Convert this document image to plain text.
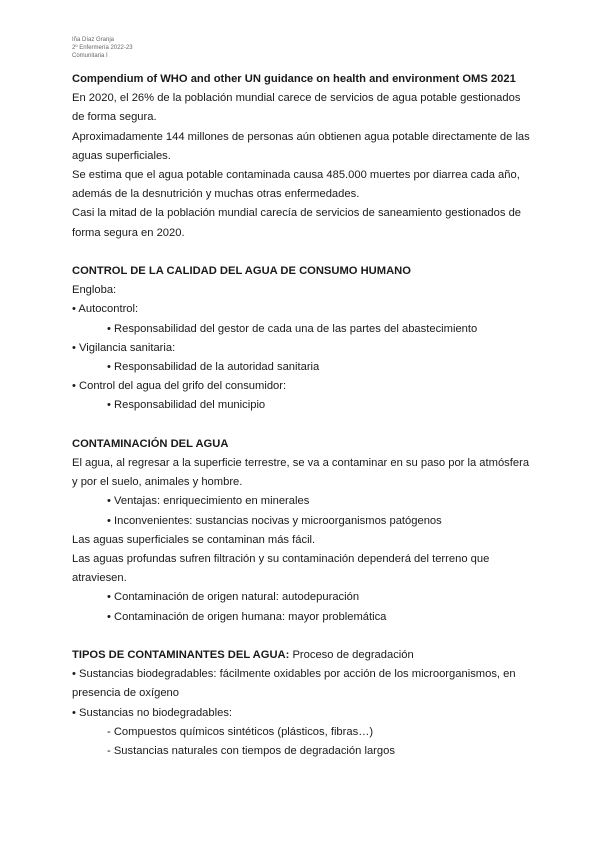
Iña Díaz Granja
2º Enfermería 2022-23
Comunitaria I

Compendium of WHO and other UN guidance on health and environment OMS 2021

En 2020, el 26% de la población mundial carece de servicios de agua potable gestionados

de forma segura.

Aproximadamente 144 millones de personas aún obtienen agua potable directamente de las

aguas superficiales.

Se estima que el agua potable contaminada causa 485.000 muertes por diarrea cada año,

además de la desnutrición y muchas otras enfermedades.

Casi la mitad de la población mundial carecía de servicios de saneamiento gestionados de

forma segura en 2020.

CONTROL DE LA CALIDAD DEL AGUA DE CONSUMO HUMANO

Engloba:

• Autocontrol:

• Responsabilidad del gestor de cada una de las partes del abastecimiento

• Vigilancia sanitaria:

• Responsabilidad de la autoridad sanitaria

• Control del agua del grifo del consumidor:

• Responsabilidad del municipio

CONTAMINACIÓN DEL AGUA

El agua, al regresar a la superficie terrestre, se va a contaminar en su paso por la atmósfera

y por el suelo, animales y hombre.

• Ventajas: enriquecimiento en minerales

• Inconvenientes: sustancias nocivas y microorganismos patógenos

Las aguas superficiales se contaminan más fácil.

Las aguas profundas sufren filtración y su contaminación dependerá del terreno que

atraviesen.

• Contaminación de origen natural: autodepuración

• Contaminación de origen humana: mayor problemática

TIPOS DE CONTAMINANTES DEL AGUA: Proceso de degradación

• Sustancias biodegradables: fácilmente oxidables por acción de los microorganismos, en

presencia de oxígeno

• Sustancias no biodegradables:

- Compuestos químicos sintéticos (plásticos, fibras…)

- Sustancias naturales con tiempos de degradación largos
